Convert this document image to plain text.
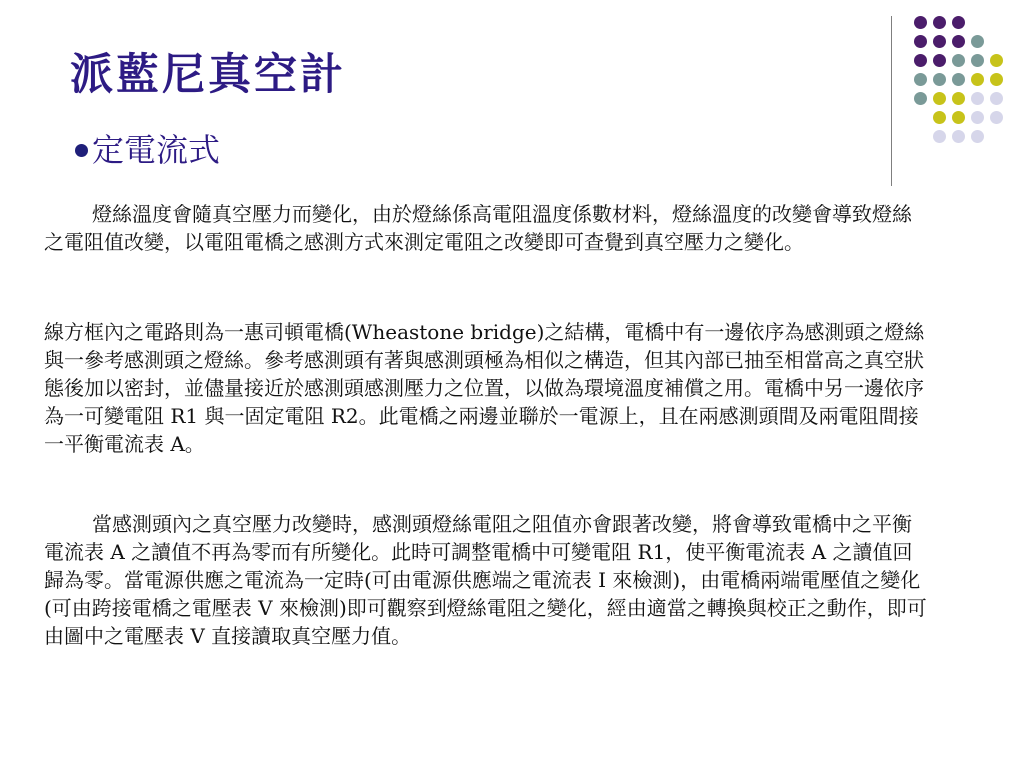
派藍尼真空計
定電流式

燈絲溫度會隨真空壓力而變化，由於燈絲係高電阻溫度係數材料，燈絲溫度的改變會導致燈絲之電阻值改變，以電阻電橋之感測方式來測定電阻之改變即可查覺到真空壓力之變化。

線方框內之電路則為一惠司頓電橋(Wheastone bridge)之結構，電橋中有一邊依序為感測頭之燈絲與一參考感測頭之燈絲。參考感測頭有著與感測頭極為相似之構造，但其內部已抽至相當高之真空狀態後加以密封，並儘量接近於感測頭感測壓力之位置，以做為環境溫度補償之用。電橋中另一邊依序為一可變電阻 R1 與一固定電阻 R2。此電橋之兩邊並聯於一電源上，且在兩感測頭間及兩電阻間接一平衡電流表 A。

當感測頭內之真空壓力改變時，感測頭燈絲電阻之阻值亦會跟著改變，將會導致電橋中之平衡電流表 A 之讀值不再為零而有所變化。此時可調整電橋中可變電阻 R1，使平衡電流表 A 之讀值回歸為零。當電源供應之電流為一定時(可由電源供應端之電流表 I 來檢測)，由電橋兩端電壓值之變化(可由跨接電橋之電壓表 V 來檢測)即可觀察到燈絲電阻之變化，經由適當之轉換與校正之動作，即可由圖中之電壓表 V 直接讀取真空壓力值。
